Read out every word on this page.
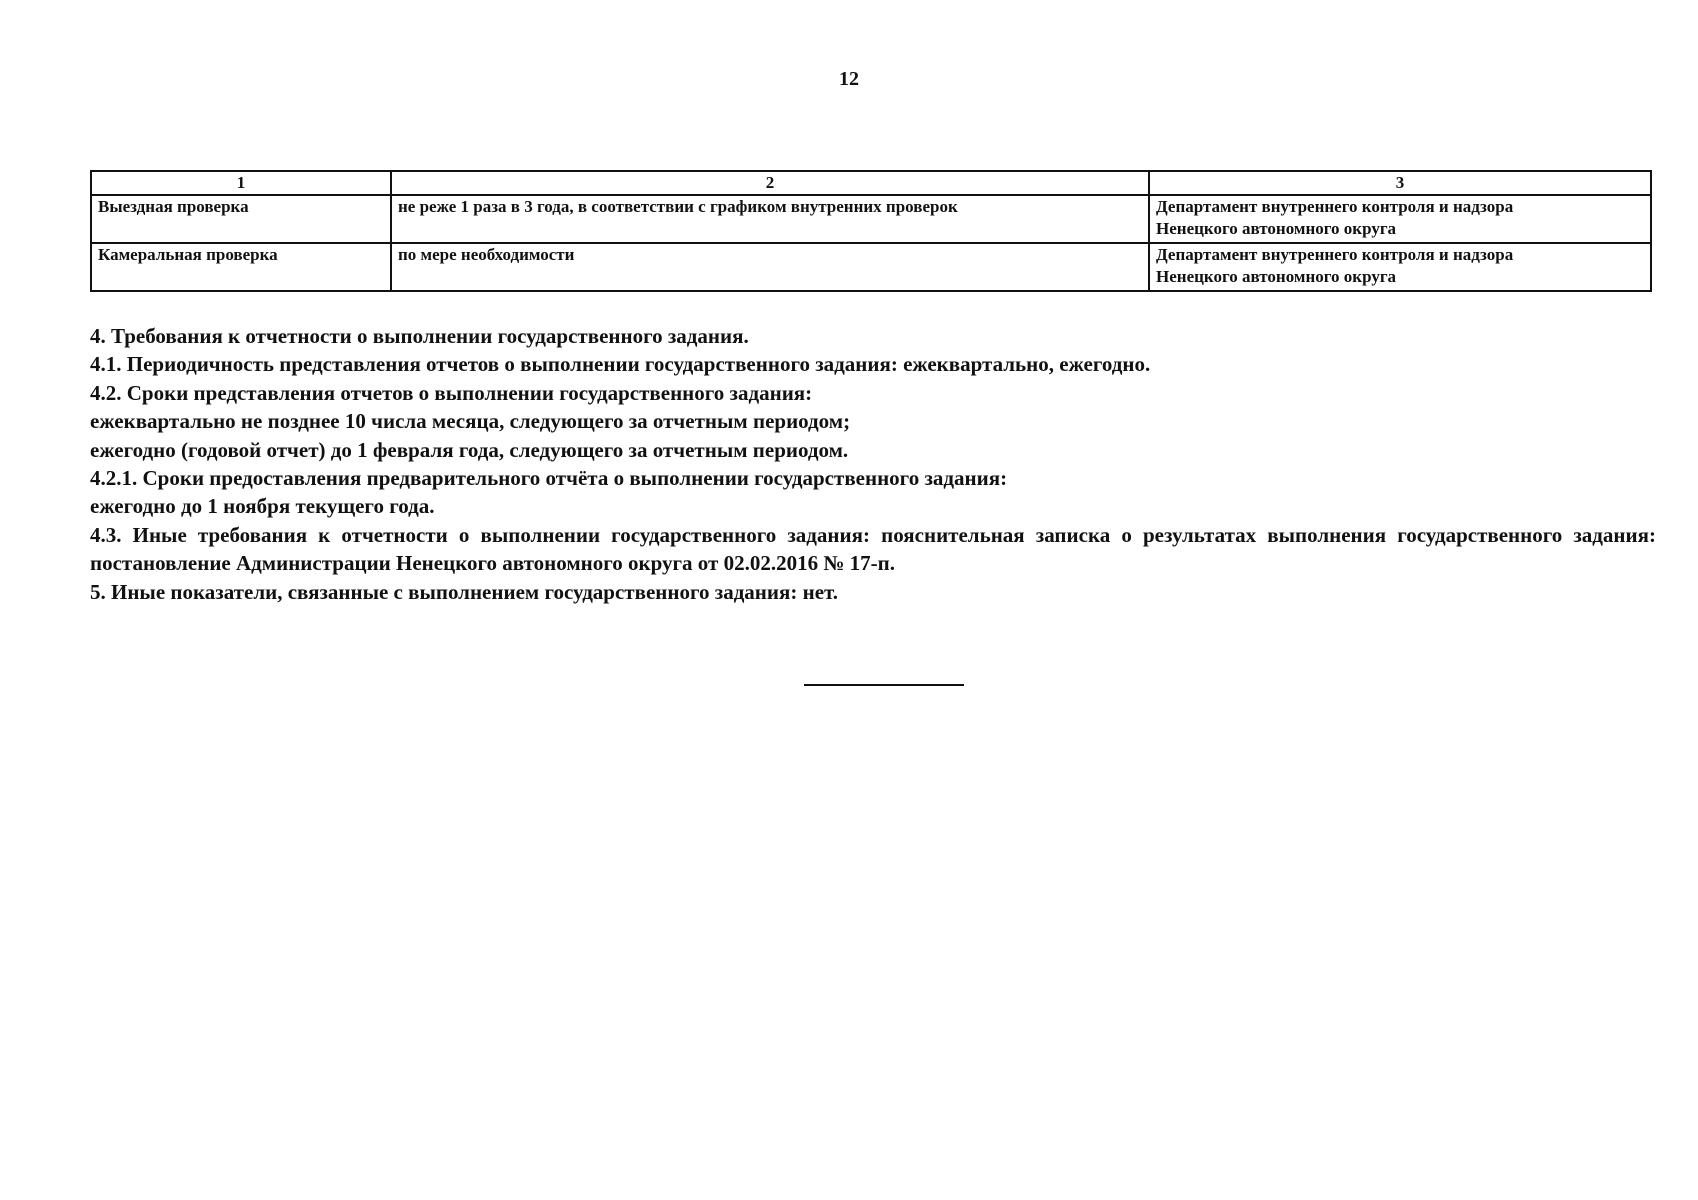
12
1	2	3
Выездная проверка	не реже 1 раза в 3 года, в соответствии с графиком внутренних проверок	Департамент внутреннего контроля и надзора
Ненецкого автономного округа

Камеральная проверка	по мере необходимости	Департамент внутреннего контроля и надзора
Ненецкого автономного округа

4. Требования к отчетности о выполнении государственного задания.

4.1. Периодичность представления отчетов о выполнении государственного задания: ежеквартально, ежегодно.

4.2. Сроки представления отчетов о выполнении государственного задания:

ежеквартально не позднее 10 числа месяца, следующего за отчетным периодом;

ежегодно (годовой отчет) до 1 февраля года, следующего за отчетным периодом.

4.2.1. Сроки предоставления предварительного отчёта о выполнении государственного задания:

ежегодно до 1 ноября текущего года.

4.3. Иные требования к отчетности о выполнении государственного задания: пояснительная записка о результатах выполнения государственного задания: постановление Администрации Ненецкого автономного округа от 02.02.2016 № 17-п.

5. Иные показатели, связанные с выполнением государственного задания: нет.
